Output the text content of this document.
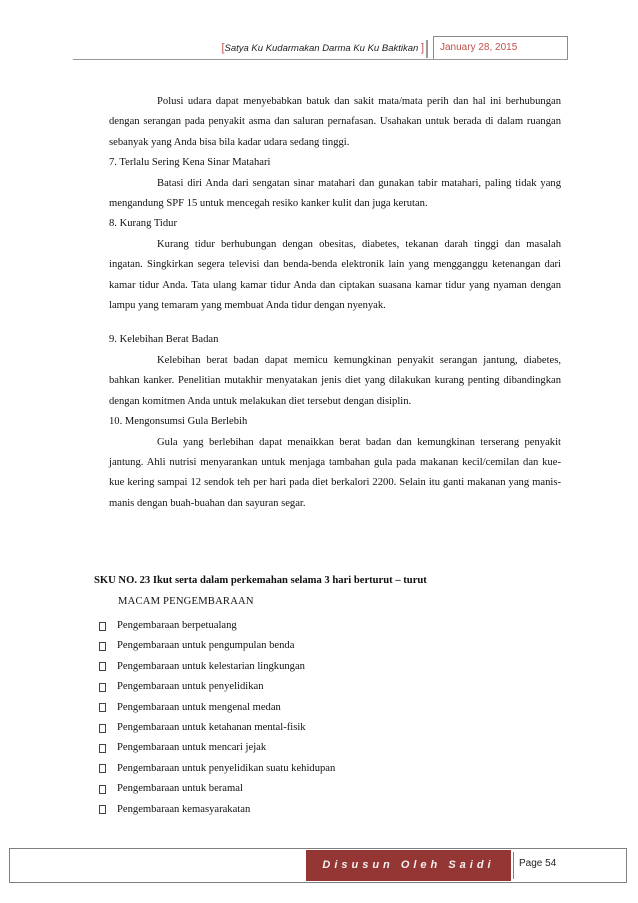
[Satya Ku Kudarmakan Darma Ku Ku Baktikan ]	January 28, 2015

Polusi udara dapat menyebabkan batuk dan sakit mata/mata perih dan hal ini berhubungan dengan serangan pada penyakit asma dan saluran pernafasan. Usahakan untuk berada di dalam ruangan sebanyak yang Anda bisa bila kadar udara sedang tinggi.

7. Terlalu Sering Kena Sinar Matahari

Batasi diri Anda dari sengatan sinar matahari dan gunakan tabir matahari, paling tidak yang mengandung SPF 15 untuk mencegah resiko kanker kulit dan juga kerutan.

8. Kurang Tidur

Kurang tidur berhubungan dengan obesitas, diabetes, tekanan darah tinggi dan masalah ingatan. Singkirkan segera televisi dan benda-benda elektronik lain yang mengganggu ketenangan dari kamar tidur Anda. Tata ulang kamar tidur Anda dan ciptakan suasana kamar tidur yang nyaman dengan lampu yang temaram yang membuat Anda tidur dengan nyenyak.

9. Kelebihan Berat Badan

Kelebihan berat badan dapat memicu kemungkinan penyakit serangan jantung, diabetes, bahkan kanker. Penelitian mutakhir menyatakan jenis diet yang dilakukan kurang penting dibandingkan dengan komitmen Anda untuk melakukan diet tersebut dengan disiplin.

10. Mengonsumsi Gula Berlebih

Gula yang berlebihan dapat menaikkan berat badan dan kemungkinan terserang penyakit jantung. Ahli nutrisi menyarankan untuk menjaga tambahan gula pada makanan kecil/cemilan dan kue-kue kering sampai 12 sendok teh per hari pada diet berkalori 2200. Selain itu ganti makanan yang manis-manis dengan buah-buahan dan sayuran segar.

SKU NO. 23 Ikut serta dalam perkemahan selama 3 hari berturut – turut
MACAM PENGEMBARAAN
Pengembaraan berpetualang
Pengembaraan untuk pengumpulan benda
Pengembaraan untuk kelestarian lingkungan
Pengembaraan untuk penyelidikan
Pengembaraan untuk mengenal medan
Pengembaraan untuk ketahanan mental-fisik
Pengembaraan untuk mencari jejak
Pengembaraan untuk penyelidikan suatu kehidupan
Pengembaraan untuk beramal
Pengembaraan kemasyarakatan
Disusun Oleh Saidi	Page 54
